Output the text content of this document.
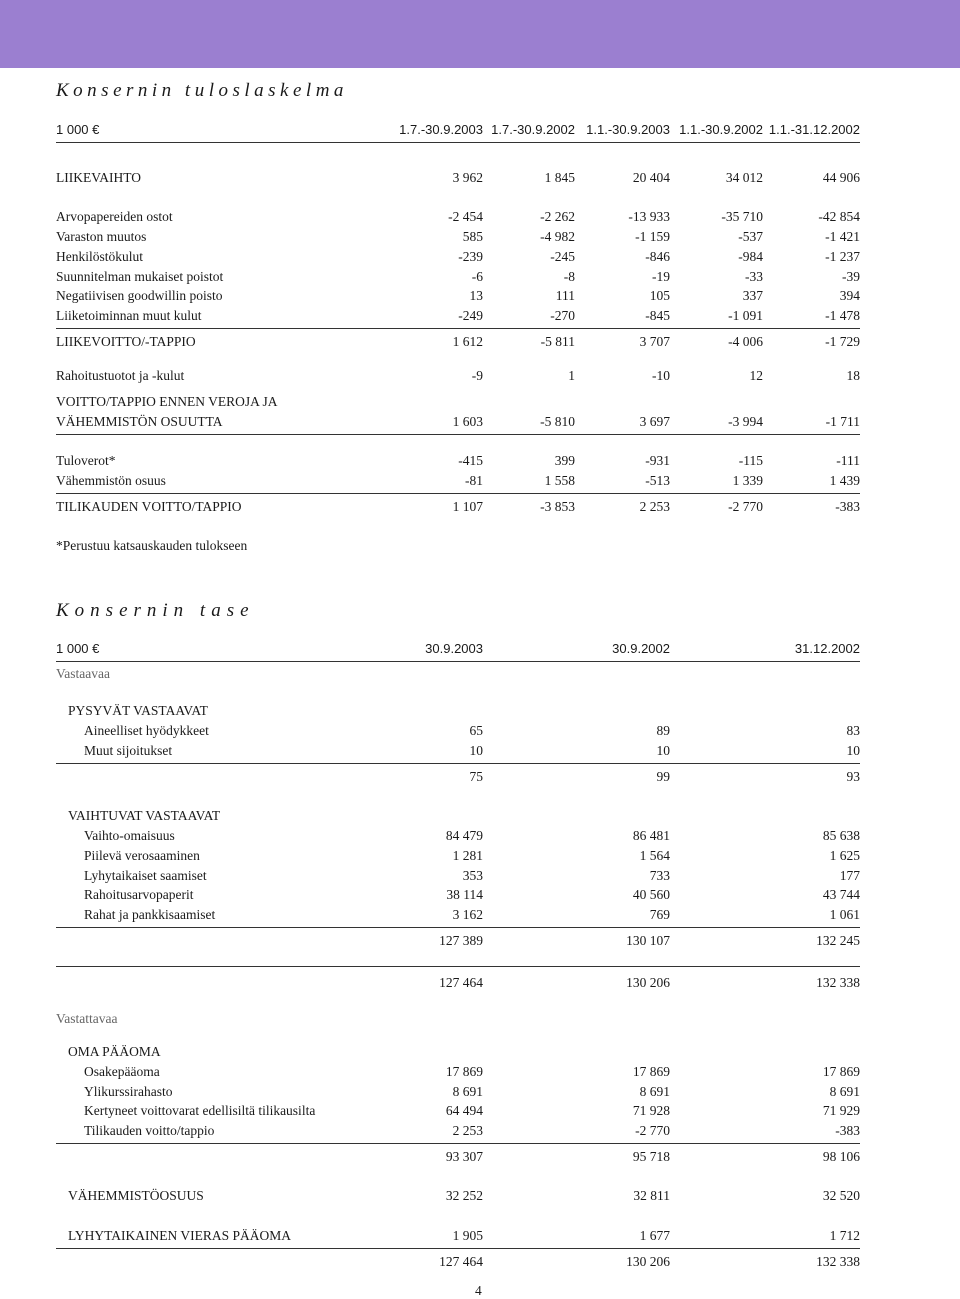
Konsernin tuloslaskelma
1 000 €	1.7.-30.9.2003 1.7.-30.9.2002 1.1.-30.9.2003 1.1.-30.9.2002 1.1.-31.12.2002
LIIKEVAIHTO	3 962	1 845	20 404	34 012	44 906
Arvopapereiden ostot	-2 454	-2 262	-13 933	-35 710	-42 854
Varaston muutos	585	-4 982	-1 159	-537	-1 421
Henkilöstökulut	-239	-245	-846	-984	-1 237
Suunnitelman mukaiset poistot	-6	-8	-19	-33	-39
Negatiivisen goodwillin poisto	13	111	105	337	394
Liiketoiminnan muut kulut	-249	-270	-845	-1 091	-1 478
LIIKEVOITTO/-TAPPIO	1 612	-5 811	3 707	-4 006	-1 729
Rahoitustuotot ja -kulut	-9	1	-10	12	18
VOITTO/TAPPIO ENNEN VEROJA JA
VÄHEMMISTÖN OSUUTTA	1 603	-5 810	3 697	-3 994	-1 711
Tuloverot*	-415	399	-931	-115	-111
Vähemmistön osuus	-81	1 558	-513	1 339	1 439
TILIKAUDEN VOITTO/TAPPIO	1 107	-3 853	2 253	-2 770	-383
*Perustuu katsauskauden tulokseen
Konsernin tase
1 000 €	30.9.2003	30.9.2002	31.12.2002
Vastaavaa
PYSYVÄT VASTAAVAT
Aineelliset hyödykkeet	65	89	83
Muut sijoitukset	10	10	10
75	99	93
VAIHTUVAT VASTAAVAT
Vaihto-omaisuus	84 479	86 481	85 638
Piilevä verosaaminen	1 281	1 564	1 625
Lyhytaikaiset saamiset	353	733	177
Rahoitusarvopaperit	38 114	40 560	43 744
Rahat ja pankkisaamiset	3 162	769	1 061
127 389	130 107	132 245
127 464	130 206	132 338
Vastattavaa
OMA PÄÄOMA
Osakepääoma	17 869	17 869	17 869
Ylikurssirahasto	8 691	8 691	8 691
Kertyneet voittovarat edellisiltä tilikausilta	64 494	71 928	71 929
Tilikauden voitto/tappio	2 253	-2 770	-383
93 307	95 718	98 106
VÄHEMMISTÖOSUUS	32 252	32 811	32 520
LYHYTAIKAINEN VIERAS PÄÄOMA	1 905	1 677	1 712
127 464	130 206	132 338
4
